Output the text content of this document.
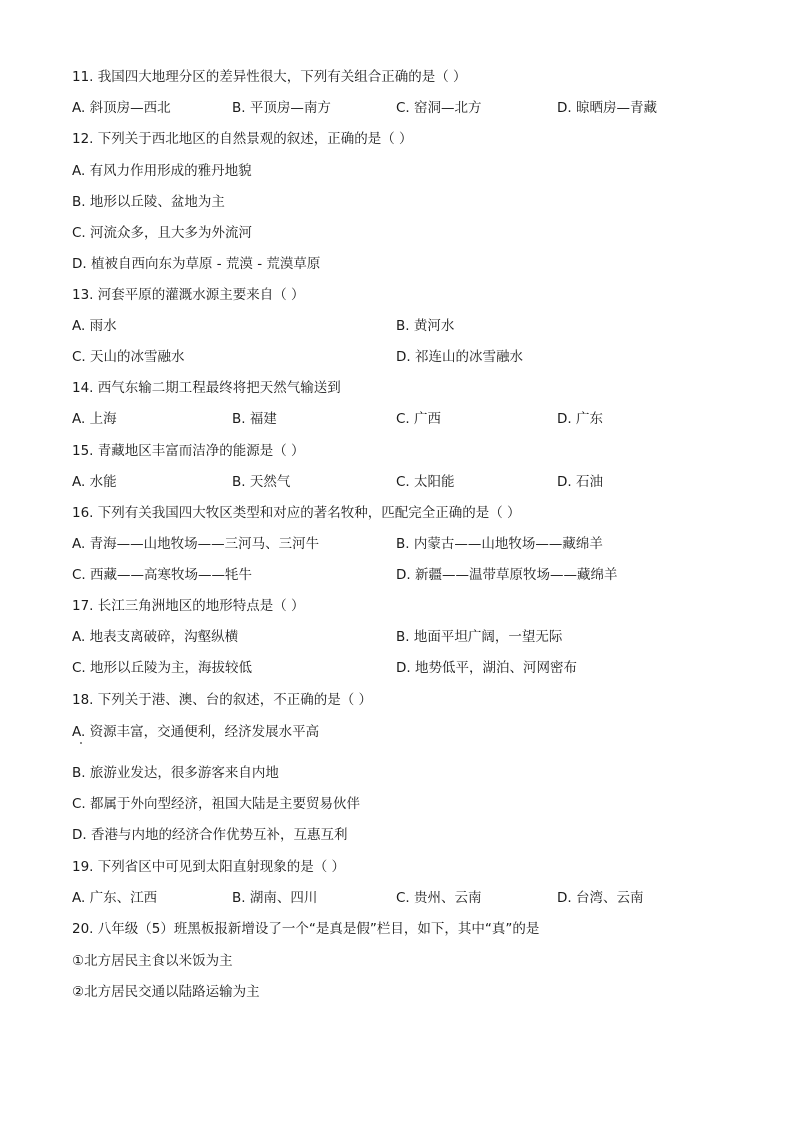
11. 我国四大地理分区的差异性很大，下列有关组合正确的是（ ）
A. 斜顶房—西北	B. 平顶房—南方	C. 窑洞—北方	D. 晾晒房—青藏
12. 下列关于西北地区的自然景观的叙述，正确的是（ ）
A. 有风力作用形成的雅丹地貌
B. 地形以丘陵、盆地为主
C. 河流众多，且大多为外流河
D. 植被自西向东为草原 - 荒漠 - 荒漠草原
13. 河套平原的灌溉水源主要来自（ ）
A. 雨水	B. 黄河水
C. 天山的冰雪融水	D. 祁连山的冰雪融水
14. 西气东输二期工程最终将把天然气输送到
A. 上海	B. 福建	C. 广西	D. 广东
15. 青藏地区丰富而洁净的能源是（ ）
A. 水能	B. 天然气	C. 太阳能	D. 石油
16. 下列有关我国四大牧区类型和对应的著名牧种，匹配完全正确的是（ ）
A. 青海——山地牧场——三河马、三河牛	B. 内蒙古——山地牧场——藏绵羊
C. 西藏——高寒牧场——牦牛	D. 新疆——温带草原牧场——藏绵羊
17. 长江三角洲地区的地形特点是（ ）
A. 地表支离破碎，沟壑纵横	B. 地面平坦广阔，一望无际
C. 地形以丘陵为主，海拔较低	D. 地势低平，湖泊、河网密布
18. 下列关于港、澳、台的叙述，不正确的是（ ）
A. 资源丰富，交通便利，经济发展水平高
B. 旅游业发达，很多游客来自内地
C. 都属于外向型经济，祖国大陆是主要贸易伙伴
D. 香港与内地的经济合作优势互补，互惠互利
19. 下列省区中可见到太阳直射现象的是（ ）
A. 广东、江西	B. 湖南、四川	C. 贵州、云南	D. 台湾、云南
20. 八年级（5）班黑板报新增设了一个“是真是假”栏目，如下，其中“真”的是
①北方居民主食以米饭为主
②北方居民交通以陆路运输为主
